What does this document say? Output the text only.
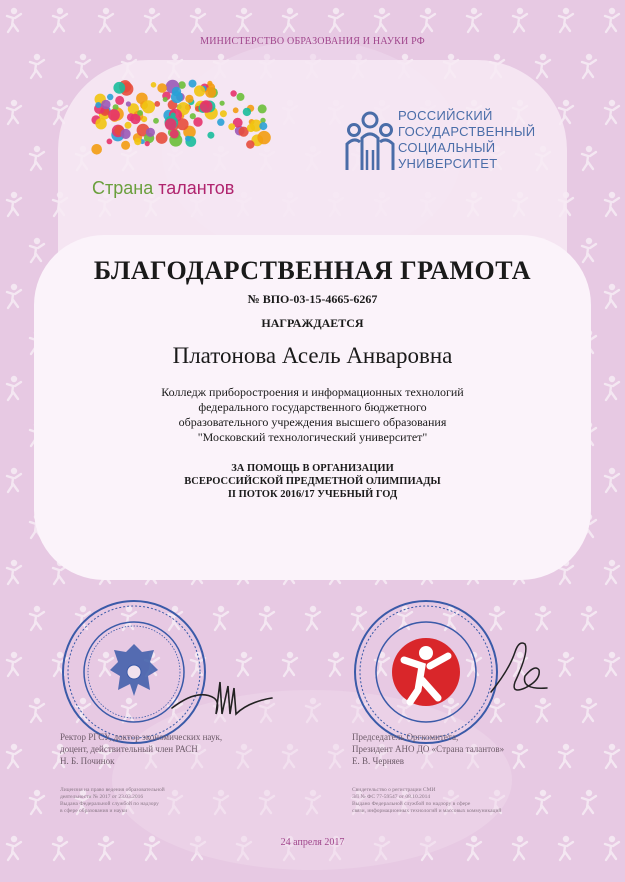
МИНИСТЕРСТВО ОБРАЗОВАНИЯ И НАУКИ РФ
Страна талантов
РОССИЙСКИЙ
ГОСУДАРСТВЕННЫЙ
СОЦИАЛЬНЫЙ
УНИВЕРСИТЕТ
БЛАГОДАРСТВЕННАЯ ГРАМОТА
№ ВПО-03-15-4665-6267
НАГРАЖДАЕТСЯ
Платонова Асель Анваровна
Колледж приборостроения и информационных технологий
федерального государственного бюджетного
образовательного учреждения высшего образования
"Московский технологический университет"
ЗА ПОМОЩЬ В ОРГАНИЗАЦИИ
ВСЕРОССИЙСКОЙ ПРЕДМЕТНОЙ ОЛИМПИАДЫ
II ПОТОК 2016/17 УЧЕБНЫЙ ГОД
Ректор РГСУ, доктор экономических наук,
доцент, действительный член РАСН
Н. Б. Починок
Председатель Оргкомитета,
Президент АНО ДО «Страна талантов»
Е. В. Черняев
Лицензия на право ведения образовательной
деятельности № 2017 от 23.03.2016
Выдана Федеральной службой по надзору
в сфере образования и науки
Свидетельство о регистрации СМИ
ЭЛ № ФС 77-59547 от 08.10.2014
Выдано Федеральной службой по надзору в сфере
связи, информационных технологий и массовых коммуникаций
24 апреля 2017
